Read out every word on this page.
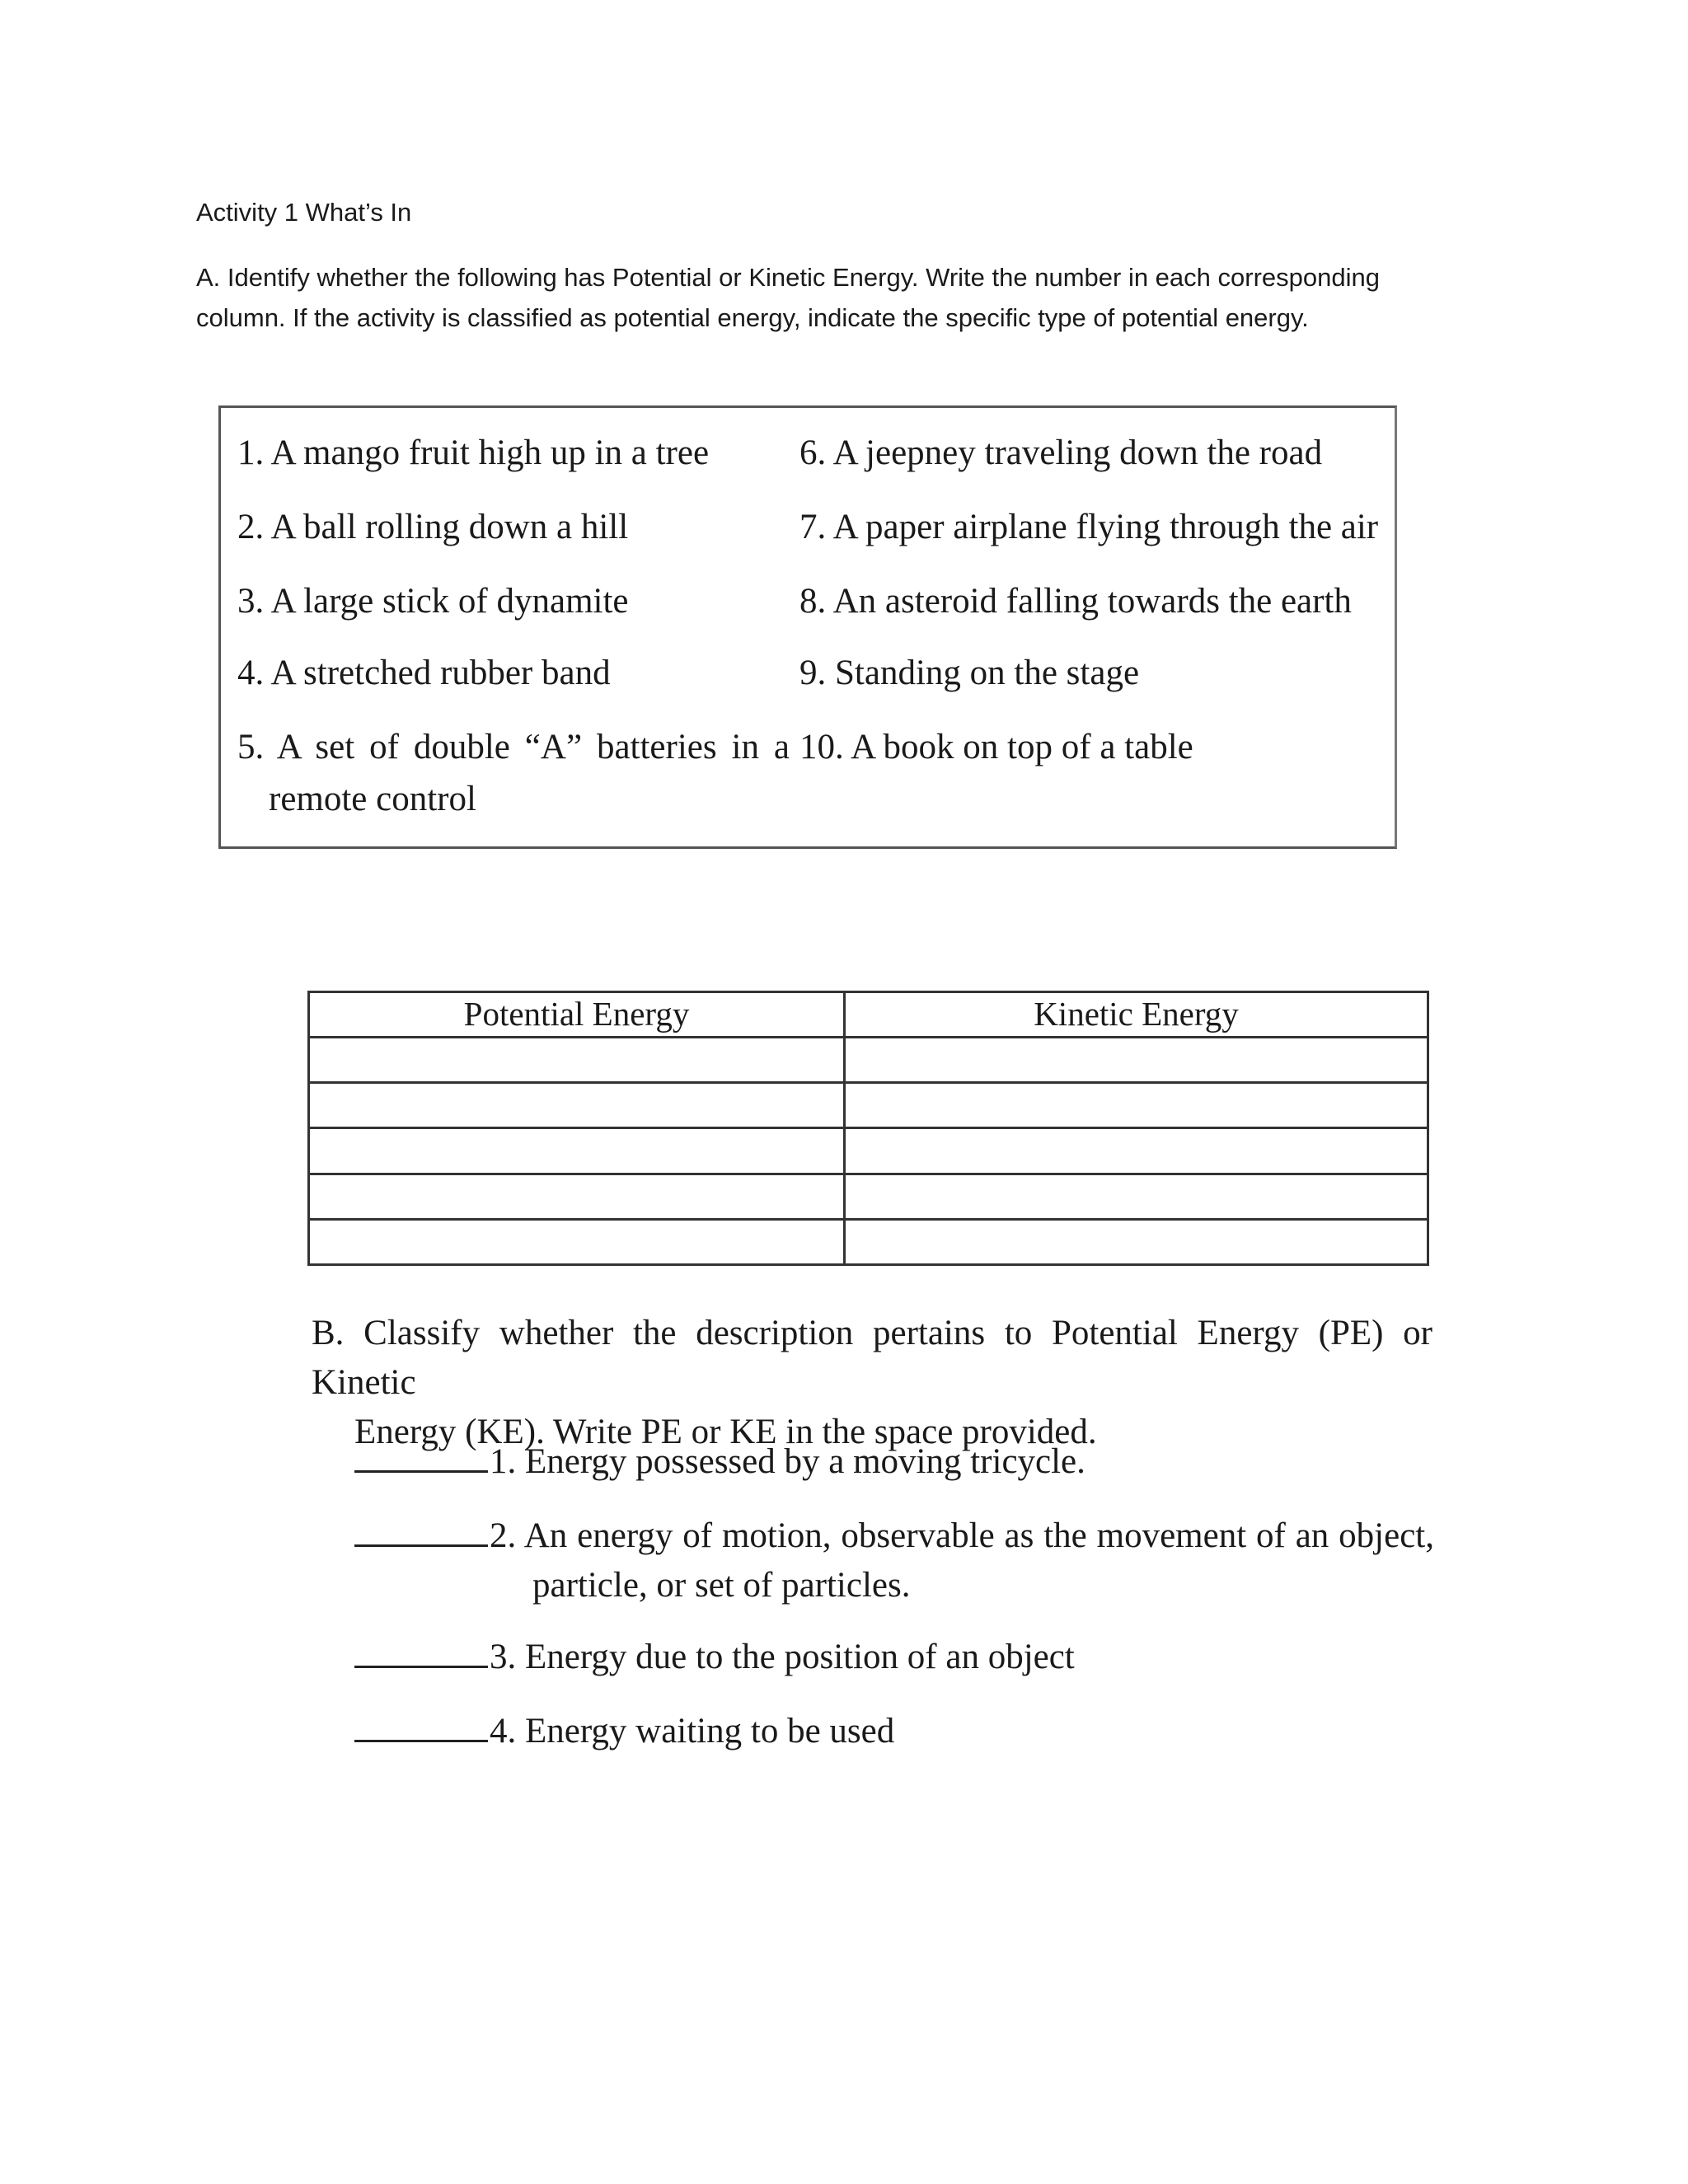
Activity 1 What’s In
A. Identify whether the following has Potential or Kinetic Energy. Write the number in each corresponding column. If the activity is classified as potential energy, indicate the specific type of potential energy.
1. A mango fruit high up in a tree
2. A ball rolling down a hill
3. A large stick of dynamite
4. A stretched rubber band
5. A set of double “A” batteries in a
remote control
6. A jeepney traveling down the road
7. A paper airplane flying through the air
8. An asteroid falling towards the earth
9. Standing on the stage
10. A book on top of a table
Potential Energy	Kinetic Energy

B. Classify whether the description pertains to Potential Energy (PE) or Kinetic
Energy (KE). Write PE or KE in the space provided.
1. Energy possessed by a moving tricycle.
2. An energy of motion, observable as the movement of an object,
particle, or set of particles.
3. Energy due to the position of an object
4. Energy waiting to be used
